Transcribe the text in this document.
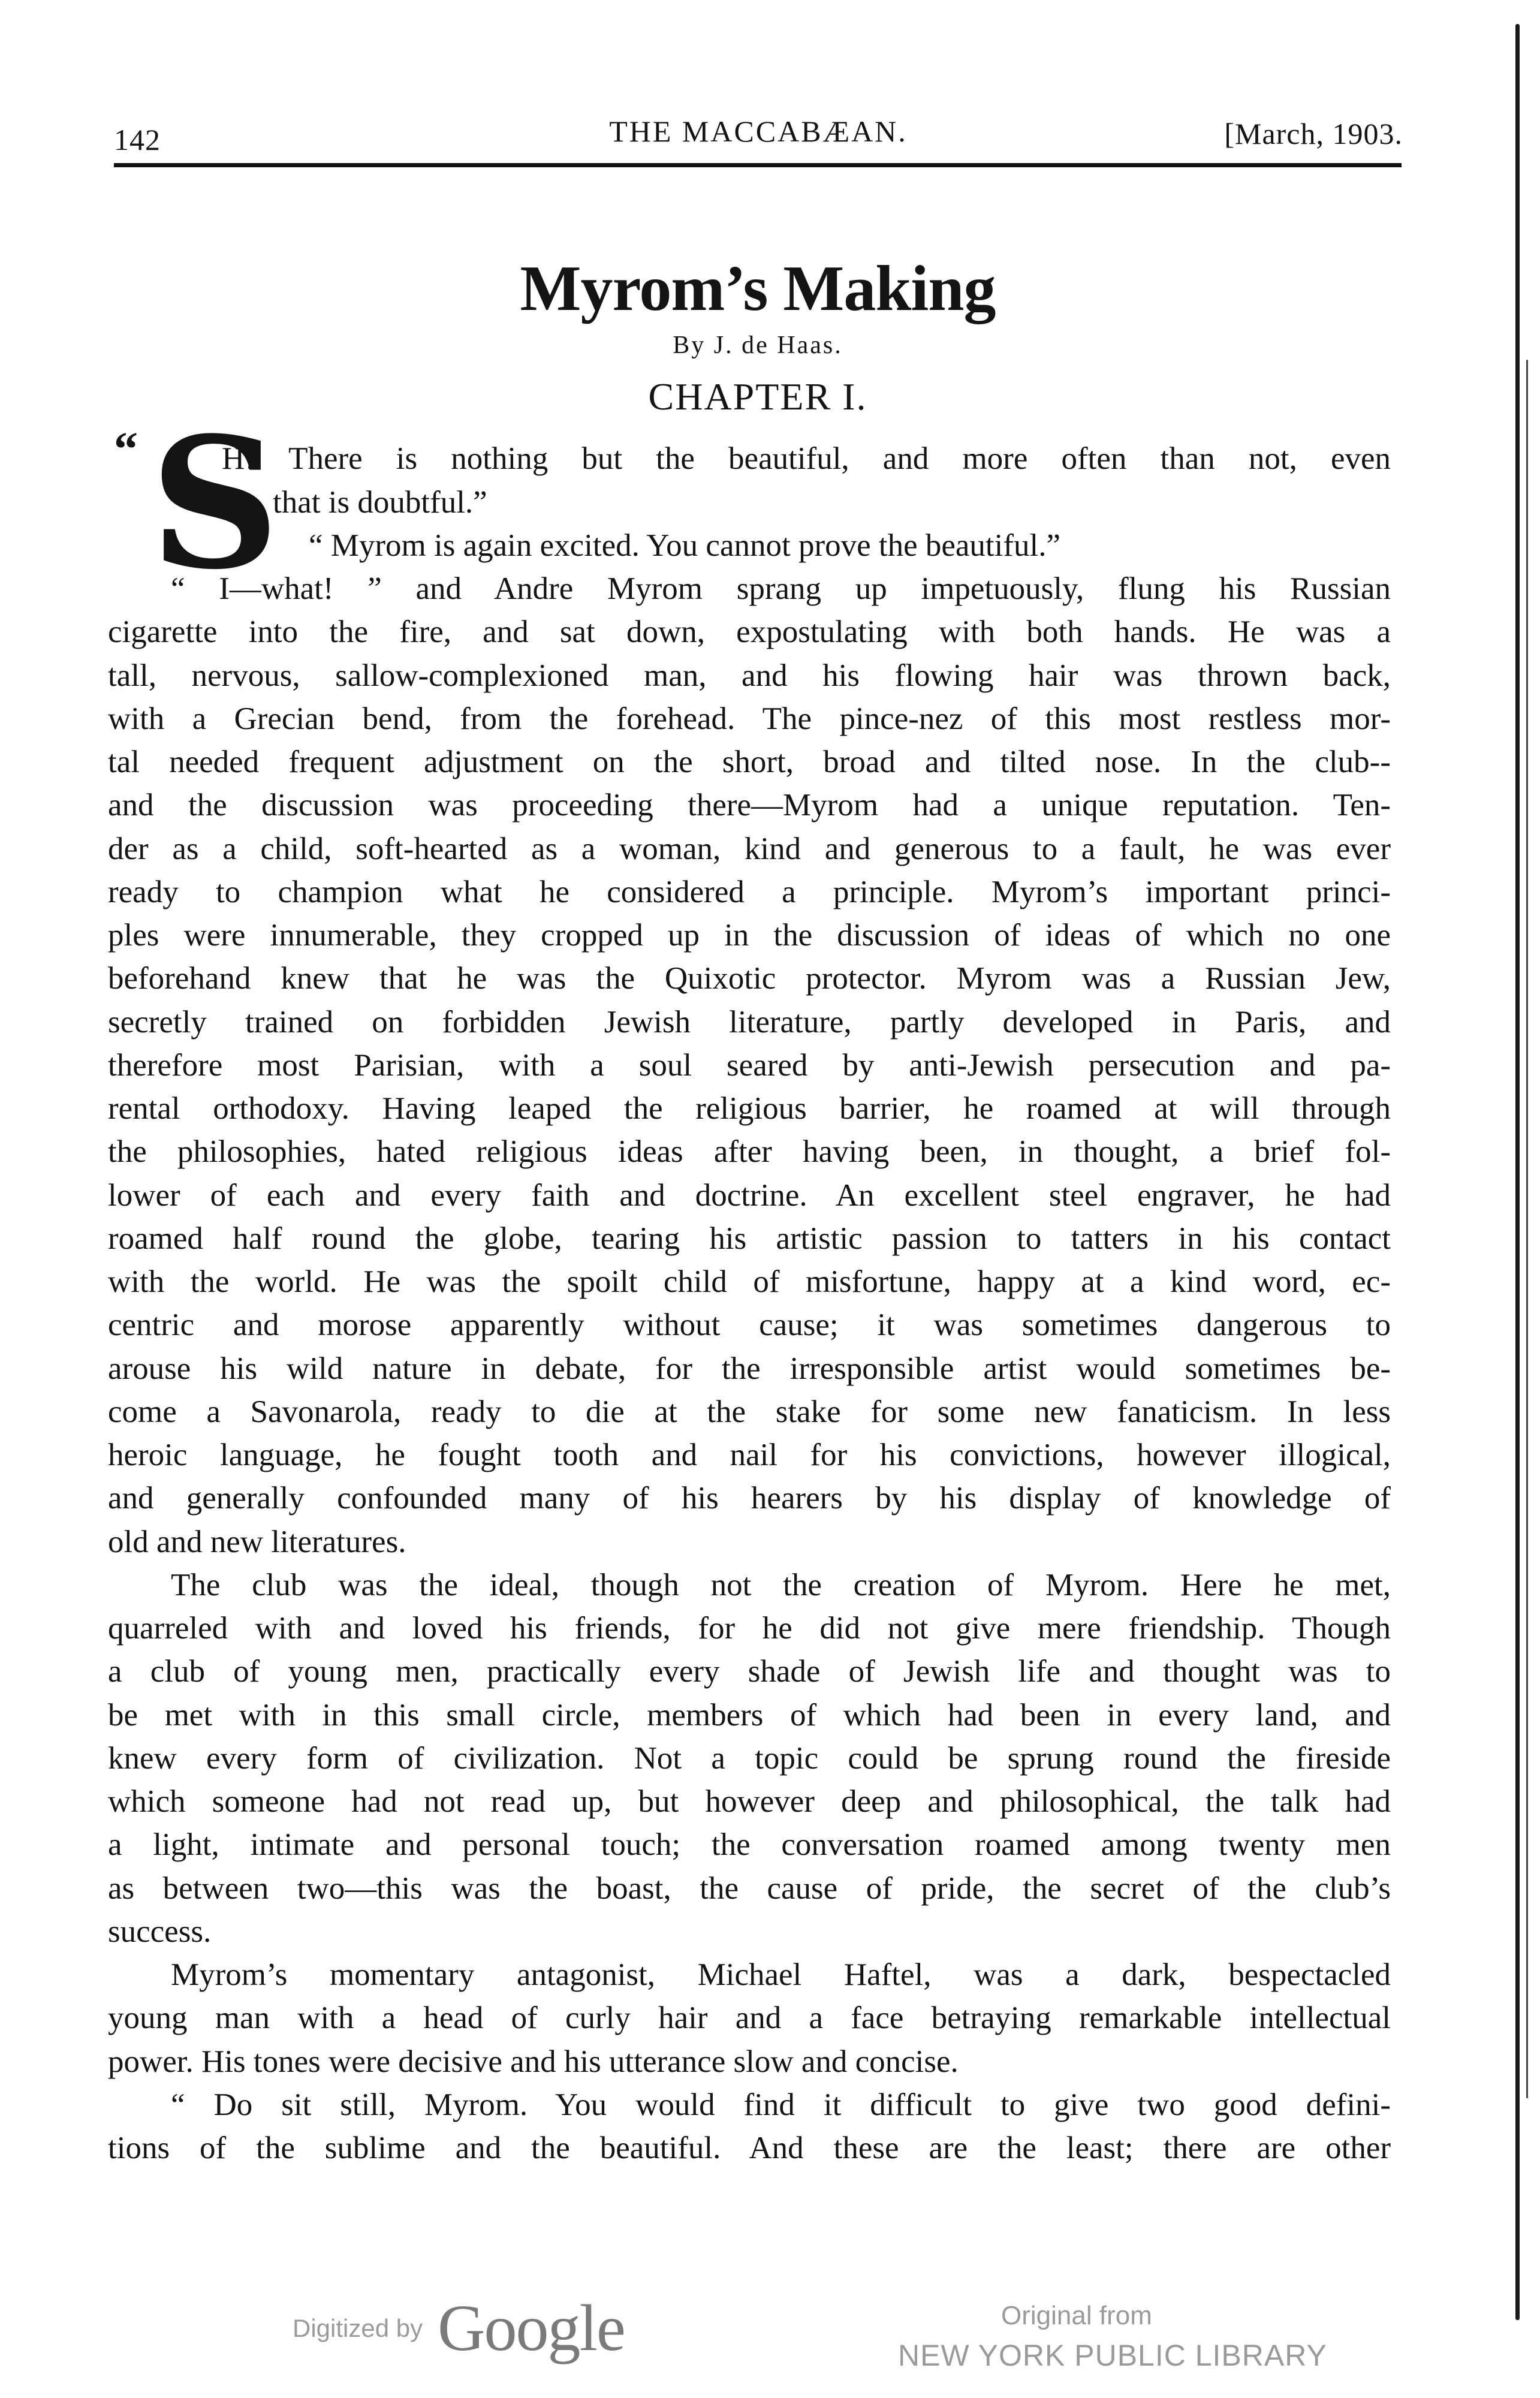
142	THE MACCABÆAN.	[March, 1903.
Myrom’s Making
By J. de Haas.
CHAPTER I.
“ S
H! There is nothing but the beautiful, and more often than not, even
that is doubtful.”
“ Myrom is again excited. You cannot prove the beautiful.”
“ I—what! ” and Andre Myrom sprang up impetuously, flung his Russian
cigarette into the fire, and sat down, expostulating with both hands. He was a
tall, nervous, sallow-complexioned man, and his flowing hair was thrown back,
with a Grecian bend, from the forehead. The pince-nez of this most restless mor-
tal needed frequent adjustment on the short, broad and tilted nose. In the club--
and the discussion was proceeding there—Myrom had a unique reputation. Ten-
der as a child, soft-hearted as a woman, kind and generous to a fault, he was ever
ready to champion what he considered a principle. Myrom’s important princi-
ples were innumerable, they cropped up in the discussion of ideas of which no one
beforehand knew that he was the Quixotic protector. Myrom was a Russian Jew,
secretly trained on forbidden Jewish literature, partly developed in Paris, and
therefore most Parisian, with a soul seared by anti-Jewish persecution and pa-
rental orthodoxy. Having leaped the religious barrier, he roamed at will through
the philosophies, hated religious ideas after having been, in thought, a brief fol-
lower of each and every faith and doctrine. An excellent steel engraver, he had
roamed half round the globe, tearing his artistic passion to tatters in his contact
with the world. He was the spoilt child of misfortune, happy at a kind word, ec-
centric and morose apparently without cause; it was sometimes dangerous to
arouse his wild nature in debate, for the irresponsible artist would sometimes be-
come a Savonarola, ready to die at the stake for some new fanaticism. In less
heroic language, he fought tooth and nail for his convictions, however illogical,
and generally confounded many of his hearers by his display of knowledge of
old and new literatures.
The club was the ideal, though not the creation of Myrom. Here he met,
quarreled with and loved his friends, for he did not give mere friendship. Though
a club of young men, practically every shade of Jewish life and thought was to
be met with in this small circle, members of which had been in every land, and
knew every form of civilization. Not a topic could be sprung round the fireside
which someone had not read up, but however deep and philosophical, the talk had
a light, intimate and personal touch; the conversation roamed among twenty men
as between two—this was the boast, the cause of pride, the secret of the club’s
success.
Myrom’s momentary antagonist, Michael Haftel, was a dark, bespectacled
young man with a head of curly hair and a face betraying remarkable intellectual
power. His tones were decisive and his utterance slow and concise.
“ Do sit still, Myrom. You would find it difficult to give two good defini-
tions of the sublime and the beautiful. And these are the least; there are other
Digitized by Google	Original from
NEW YORK PUBLIC LIBRARY
